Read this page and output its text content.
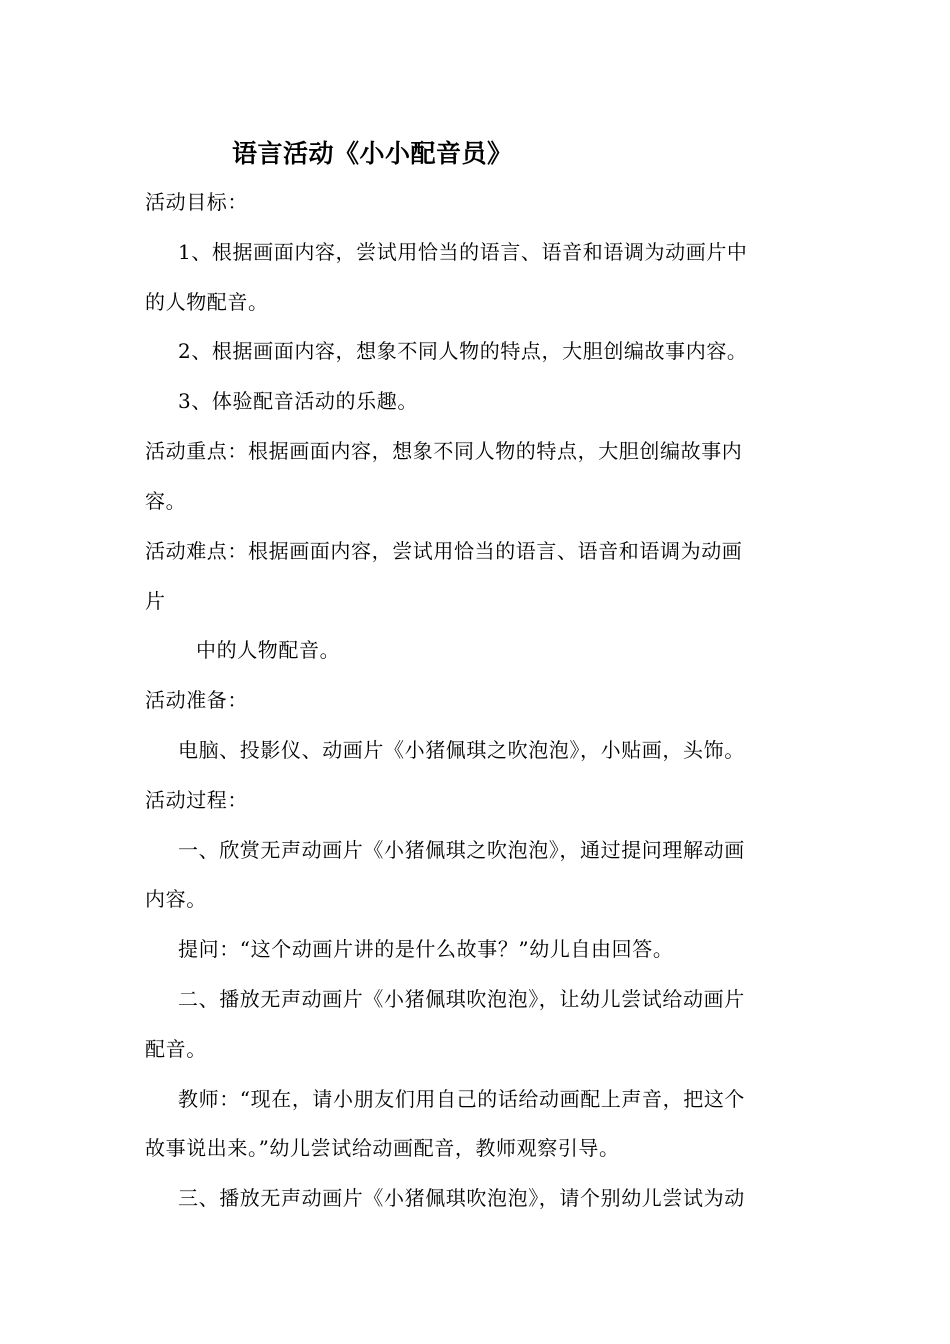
语言活动《小小配音员》
活动目标：
1、根据画面内容，尝试用恰当的语言、语音和语调为动画片中
的人物配音。
2、根据画面内容，想象不同人物的特点，大胆创编故事内容。
3、体验配音活动的乐趣。
活动重点：根据画面内容，想象不同人物的特点，大胆创编故事内
容。
活动难点：根据画面内容，尝试用恰当的语言、语音和语调为动画
片
中的人物配音。
活动准备：
电脑、投影仪、动画片《小猪佩琪之吹泡泡》，小贴画，头饰。
活动过程：
一、欣赏无声动画片《小猪佩琪之吹泡泡》，通过提问理解动画
内容。
提问：“这个动画片讲的是什么故事？”幼儿自由回答。
二、播放无声动画片《小猪佩琪吹泡泡》，让幼儿尝试给动画片
配音。
教师：“现在，请小朋友们用自己的话给动画配上声音，把这个
故事说出来。”幼儿尝试给动画配音，教师观察引导。
三、播放无声动画片《小猪佩琪吹泡泡》，请个别幼儿尝试为动
